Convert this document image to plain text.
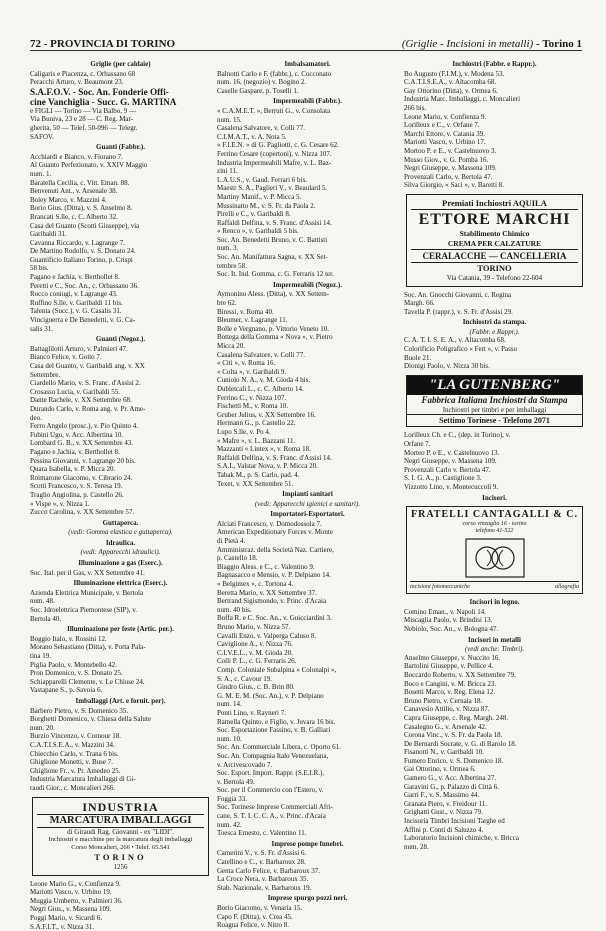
72 - PROVINCIA DI TORINO	(Griglie - Incisioni in metalli) - Torino 1
Griglie (per caldaie)
Caligaris e Piacenza, c. Orbassano 68
Peracchi Arturo, v. Beaumont 23.
S.A.F.O.V. - Soc. An. Fonderie Offi-
cine Vanchiglia - Succ. G. MARTINA
e FIGLI — Torino — Via Balbo, 9 —
Via Buniva, 23 e 28 — C. Reg. Mar-
gherita, 50 — Telef. 50-096 — Telegr.
SAFOV.
Guanti (Fabbr.).
Acchiardi e Bianco, v. Fiorano 7.
Al Guanto Perfezionato, v. XXIV Maggio
num. 1.
Baratella Cecilia, c. Vitt. Eman. 88.
Benvenuti Ant., v. Arsenale 38.
Boley Marco, v. Mazzini 4.
Borio Gius. (Ditta), v. S. Anselmo 8.
Brancati S.lle, c. C. Alberto 32.
Casa del Guanto (Scotti Giuseppe), via
Garibaldi 31.
Cavanna Riccardo, v. Lagrange 7.
De Martino Rodolfo, v. S. Donato 24.
Guantificio Italiano Torino, p. Crispi
58 bis.
Pagano e Jachia, v. Berthollet 8.
Peretti e C., Soc. An., c. Orbassano 36.
Rocco coniugi, v. Lagrange 43.
Ruffino S.lle, v. Garibaldi 11 bis.
Talenta (Succ.), v. G. Casalis 31.
Vinciguerra e De Benedetti, v. G. Ca-
salis 31.
Guanti (Negoz.).
Battaglilotti Arturo, v. Palmieri 47.
Bianco Felice, v. Goito 7.
Casa del Guanto, v. Garibaldi ang. v. XX
Settembre.
Ciardello Mario, v. S. Franc. d'Assisi 2.
Crosasso Lucia, v. Garibaldi 55.
Dante Rachele, v. XX Settembre 68.
Durando Carlo, v. Roma ang. v. Pr. Ame-
deo.
Ferro Angelo (prosc.), v. Pio Quinto 4.
Fubini Ugo, v. Acc. Albertina 10.
Lombard G. B., v. XX Settembre 43.
Pagano e Jachia, v. Berthollet 8.
Pessina Giovanni, v. Lagrange 20 bis.
Quara Isabella, v. P. Micca 20.
Roimarone Giacomo, v. Cibrario 24.
Scotti Francesco, v. S. Teresa 19.
Traglio Angiolina, p. Castello 26.
« Vispe », v. Nizza 1.
Zucco Carolina, v. XX Settembre 57.
Guttaperca.
(vedi: Gomma elastica e guttaperca).
Idraulica.
(vedi: Apparecchi idraulici).
Illuminazione a gas (Eserc.).
Soc. Ital. per il Gas, v. XX Settembre 41.
Illuminazione elettrica (Eserc.).
Azienda Elettrica Municipale, v. Bertola
num. 48.
Soc. Idroelettrica Piemontese (SIP), v.
Bertola 40.
Illuminazione per feste (Artic. per.).
Boggio Italo, v. Rossini 12.
Morano Sebastiano (Ditta), v. Porta Pala-
tina 19.
Piglia Paolo, v. Montebello 42.
Pron Domenico, v. S. Donato 25.
Schiapparelli Clemente, v. Le Chiuse 24.
Vastapane S., p. Savoia 6.
Imballaggi (Art. e fornit. per).
Barbero Pietro, v. S. Domenico 35.
Borghetti Domenico, v. Chiesa della Salute
num. 20.
Burzio Vincenzo, v. Cornour 18.
C.A.T.I.S.E.A., v. Mazzini 34.
Chiecchio Carlo, v. Trana 6 bis.
Ghiglione Monetti, v. Buse 7.
Ghiglione Fr., v. Pr. Amedeo 25.
Industria Marcatura Imballaggi di Gi-
raudi Gior., c. Moncalieri 266.
INDUSTRIA
MARCATURA IMBALLAGGI
di Giraudi Rag. Giovanni - ex "LIDI".
Inchiostri e macchine per la marcatura degli imballaggi
Corso Moncalieri, 266 • Telef. 65.541
TORINO
1256
Leone Mario G., v. Confienza 9.
Mariotti Vasco, v. Urbino 19.
Muggia Umberto, v. Palmieri 36.
Negri Gius., v. Massena 109.
Poggi Mario, v. Sicardi 6.
S.A.F.I.T., v. Nizza 31.
Imbalsamatori.
Balnotti Carlo e F. (fabbr.), c. Cocconato
num. 16, (negozio) v. Bogino 2.
Caselle Gaspare, p. Toselli 1.
Impermeabili (Fabbr.).
« C.A.M.E.T. », Berruti G., v. Consolata
num. 15.
Casalena Salvatore, v. Colli 77.
C.I.M.A.T., v. A. Nota 5.
« F.I.E.N. » di G. Pagliotti, c. G. Cesare 62.
Ferrino Cesare (copertoni), v. Nizza 107.
Industria Impermeabili Mafre, v. L. Baz-
zini 11.
L.A.U.S., v. Gaud. Ferrari 6 bis.
Maestr S. A., Paglieri V., v. Beaulard 5.
Martiny Manif., v. P. Micca 5.
Mussinatto M., v. S. Fr. da Paola 2.
Pirelli e C., v. Garibaldi 8.
Raffaldi Delfina, v. S. Franc. d'Assisi 14.
« Renco », v. Garibaldi 5 bis.
Soc. An. Benedetti Bruno, v. C. Battisti
num. 3.
Soc. An. Manifattura Sagna, v. XX Set-
tembre 58.
Soc. It. Ind. Gomma, c. G. Ferraris 12 ter.
Impermeabili (Negoz.).
Aymonino Aless. (Ditta), v. XX Settem-
bre 62.
Biressi, v. Roma 40.
Bleumer, v. Lagrange 11.
Bolle e Vergnano, p. Vittorio Veneto 10.
Bottega della Gomma « Nova », v. Pietro
Micca 20.
Casalena Salvatore, v. Colli 77.
« Citi », v. Roma 16.
« Colta », v. Garibaldi 9.
Cuniolo N. A., v. M. Gioda 4 bis.
Dubletcali L., c. C. Alberto 14.
Ferrino C., v. Nizza 107.
Fischetti M., v. Roma 10.
Gruber Julius, v. XX Settembre 16.
Hermann G., p. Castello 22.
Lupo S.lle, v. Po 4.
« Mafre », v. L. Bazzani 11.
Mazzanti « Lintex », v. Roma 18.
Raffaldi Delfina, v. S. Franc. d'Assisi 14.
S.A.I., Valstar Nova, v. P. Micca 20.
Tabak M., p. S. Carlo, pad. 4.
Texet, v. XX Settembre 51.
Impianti sanitari
(vedi: Apparecchi igienici e sanitari).
Importatori-Esportatori.
Alciati Francesco, v. Domodossola 7.
American Expeditionary Forces v. Monte
di Pietà 4.
Amministraz. della Società Naz. Cartiere,
p. Castello 18.
Biaggio Aless. e C., c. Valentino 9.
Bagnasacco e Mensio, v. P. Delpiano 14.
« Belgimex », c. Tortona 4.
Beretta Mario, v. XX Settembre 37.
Bertrand Sigismondo, v. Princ. d'Acaia
num. 40 bis.
Boffa R. e C. Soc. An., v. Guicciardini 3.
Bruno Mario, v. Nizza 57.
Cavalli Enzo, v. Valperga Caluso 8.
Caviglione A., v. Nizza 76.
C.I.V.E.L., v. M. Gioda 20.
Colli P. L., c. G. Ferraris 26.
Comp. Coloniale Subalpina « Colonalpi »,
S. A., c. Cavour 19.
Gindro Gius., c. B. Brin 80.
G. M. E. M. (Soc. An.), v. P. Delpiano
num. 14.
Ponti Lino, v. Rayneri 7.
Ramella Quinto, e Figlio, v. Juvara 16 bis.
Soc. Esportazione Fassino, v. B. Galliari
num. 10.
Soc. An. Commerciale Libera, c. Oporto 61.
Soc. An. Compagnia Italo Venezuelana,
v. Arcivescovado 7.
Soc. Esport. Import. Rappr. (S.E.I.R.),
v. Bertola 49.
Soc. per il Commercio con l'Estero, v.
Foggia 33.
Soc. Torinese Imprese Commerciali Afri-
cane, S. T. I. C. C. A., v. Princ. d'Acaia
num. 42.
Toesca Ernesto, c. Valentino 11.
Imprese pompe funebri.
Camerini V., v. S. Fr. d'Assisi 6.
Catellino e C., v. Barbaroux 28.
Genta Carlo Felice, v. Barbaroux 37.
La Croce Nera, v. Barbaroux 35.
Stab. Nazionale, v. Barbaroux 19.
Imprese spurgo pozzi neri.
Borio Giacomo, v. Venaria 15.
Capo F. (Ditta), v. Crea 45.
Roagna Felice, v. Nitro 8.
Inchiostri (Fabbr. e Rappr.).
Bo Augusto (F.I.M.), v. Modena 53.
C.A.T.I.S.E.A., v. Altacomba 68.
Gay Ottorino (Ditta), v. Ormea 6.
Industria Marc. Imballaggi, c. Moncalieri
266 bis.
Leone Mario, v. Confienza 9.
Lorilleux e C., v. Orfane 7.
Marchi Ettore, v. Catania 39.
Mariotti Vasco, v. Urbino 17.
Mortoo P. e E., v. Castelnuovo 3.
Musso Giov., v. G. Pomba 16.
Negri Giuseppe, v. Massena 109.
Provenzali Carlo, v. Bertola 47.
Silva Giorgio, « Saci », v. Baretti 8.
Premiati Inchiostri AQUILA
ETTORE MARCHI
Stabilimento Chimico
CREMA PER CALZATURE
CERALACCHE — CANCELLERIA
TORINO
Via Catania, 39 - Telefono 22-604
Soc. An. Gnocchi Giovanni, c. Regina
Margh. 66.
Tavella P. (rappr.), v. S. Fr. d'Assisi 29.
Inchiostri da stampa.
(Fabbr. e Rappr.).
C. A. T. I. S. E. A., v. Altacomba 68.
Colorificio Poligrafico « Fert », v. Passo
Buole 21.
Dionigi Paolo, v. Nizza 30 bis.
"LA GUTENBERG"
Fabbrica Italiana Inchiostri da Stampa
Inchiostri per timbri e per imballaggi
Settimo Torinese - Telefono 2071
Lorilleux Ch. e C., (dep. in Torino), v.
Orfane 7.
Morteo P. e E., v. Castelnuovo 13.
Negri Giuseppe, v. Massena 109.
Provenzali Carlo v. Bertola 47.
S. I. G. A., p. Castiglione 3.
Vizzotto Lino, v. Montecuccoli 9.
Incisori.
FRATELLI CANTAGALLI & C.
corso vinzaglio 16 - torino
telefono 41-522
incisioni fotomeccaniche	allografia
Incisori in legno.
Comino Eman., v. Napoli 14.
Miscaglia Paolo, v. Brindisi 13.
Nebiolo, Soc. An., v. Bologna 47.
Incisori in metalli
(vedi anche: Timbri).
Anselmo Giuseppe, v. Nuccito 16.
Bartolini Giuseppe, v. Pellice 4.
Boccardo Roberto, v. XX Settembre 79.
Boco e Cangini, v. M. Bricca 23.
Bosetti Marco, v. Reg. Elena 12.
Bruno Pietro, v. Cernaia 18.
Canavesio Attilio, v. Nizza 87.
Capra Giuseppe, c. Reg. Margh. 248.
Casalegno G., v. Arsenale 42.
Corona Vinc., v. S. Fr. da Paola 18.
De Bernardi Socrate, v. G. di Barolo 18.
Fisanotti N., v. Garibaldi 10.
Fumero Enrico, v. S. Domenico 18.
Gai Ottorino, v. Ormea 6.
Gamero G., v. Acc. Albertina 27.
Garavini G., p. Palazzo di Città 6.
Garri F., v. S. Massimo 44.
Granata Piero, v. Freidour 11.
Grighatti Gust., v. Nizza 79.
Incisoria Timbri Incisioni Targhe ed
Affini p. Conti di Saluzzo 4.
Laboratorio Incisioni chimiche, v. Bricca
num. 28.
